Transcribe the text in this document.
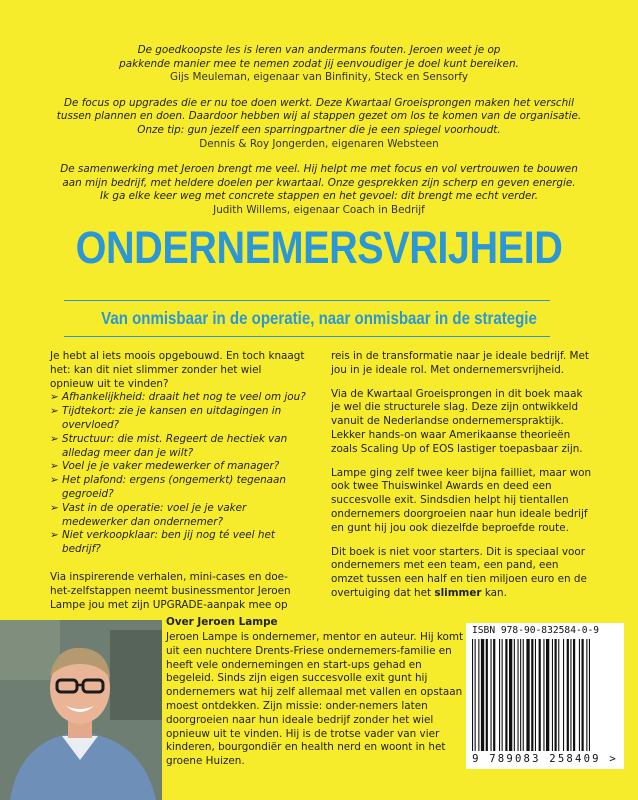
De goedkoopste les is leren van andermans fouten. Jeroen weet je op
pakkende manier mee te nemen zodat jij eenvoudiger je doel kunt bereiken.
Gijs Meuleman, eigenaar van Binfinity, Steck en Sensorfy
De focus op upgrades die er nu toe doen werkt. Deze Kwartaal Groeisprongen maken het verschil
tussen plannen en doen. Daardoor hebben wij al stappen gezet om los te komen van de organisatie.
Onze tip: gun jezelf een sparringpartner die je een spiegel voorhoudt.
Dennis & Roy Jongerden, eigenaren Websteen
De samenwerking met Jeroen brengt me veel. Hij helpt me met focus en vol vertrouwen te bouwen
aan mijn bedrijf, met heldere doelen per kwartaal. Onze gesprekken zijn scherp en geven energie.
Ik ga elke keer weg met concrete stappen en het gevoel: dit brengt me echt verder.
Judith Willems, eigenaar Coach in Bedrijf
ONDERNEMERSVRIJHEID
Van onmisbaar in de operatie, naar onmisbaar in de strategie

Je hebt al iets moois opgebouwd. En toch knaagt het: kan dit niet slimmer zonder het wiel opnieuw uit te vinden?

➢ Afhankelijkheid: draait het nog te veel om jou?
➢ Tijdtekort: zie je kansen en uitdagingen in overvloed?
➢ Structuur: die mist. Regeert de hectiek van alledag meer dan je wilt?
➢ Voel je je vaker medewerker of manager?
➢ Het plafond: ergens (ongemerkt) tegenaan gegroeid?
➢ Vast in de operatie: voel je je vaker medewerker dan ondernemer?
➢ Niet verkoopklaar: ben jij nog té veel het bedrijf?

Via inspirerende verhalen, mini-cases en doe-het-zelfstappen neemt businessmentor Jeroen Lampe jou met zijn UPGRADE-aanpak mee op

reis in de transformatie naar je ideale bedrijf. Met jou in je ideale rol. Met ondernemersvrijheid.

Via de Kwartaal Groeisprongen in dit boek maak je wel die structurele slag. Deze zijn ontwikkeld vanuit de Nederlandse ondernemerspraktijk. Lekker hands-on waar Amerikaanse theorieën zoals Scaling Up of EOS lastiger toepasbaar zijn.

Lampe ging zelf twee keer bijna failliet, maar won ook twee Thuiswinkel Awards en deed een succesvolle exit. Sindsdien helpt hij tientallen ondernemers doorgroeien naar hun ideale bedrijf en gunt hij jou ook diezelfde beproefde route.

Dit boek is niet voor starters. Dit is speciaal voor ondernemers met een team, een pand, een omzet tussen een half en tien miljoen euro en de overtuiging dat het slimmer kan.

Over Jeroen Lampe
Jeroen Lampe is ondernemer, mentor en auteur. Hij komt uit een nuchtere Drents-Friese ondernemers-familie en heeft vele ondernemingen en start-ups gehad en begeleid. Sinds zijn eigen succesvolle exit gunt hij ondernemers wat hij zelf allemaal met vallen en opstaan moest ontdekken. Zijn missie: onder-nemers laten doorgroeien naar hun ideale bedrijf zonder het wiel opnieuw uit te vinden. Hij is de trotse vader van vier kinderen, bourgondiër en health nerd en woont in het groene Huizen.
ISBN 978-90-832584-0-9
9 789083 258409 >
